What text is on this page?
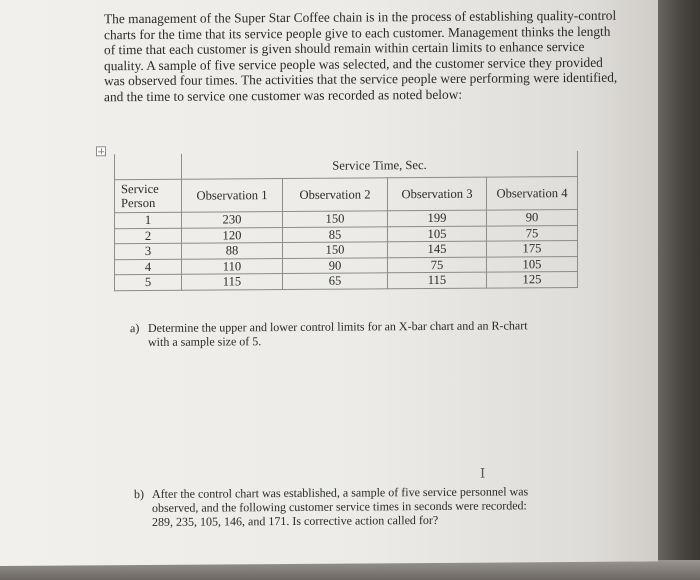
The management of the Super Star Coffee chain is in the process of establishing quality-control charts for the time that its service people give to each customer. Management thinks the length of time that each customer is given should remain within certain limits to enhance service quality. A sample of five service people was selected, and the customer service they provided was observed four times. The activities that the service people were performing were identified, and the time to service one customer was recorded as noted below:

	Service Time, Sec.			
Service
Person	Observation 1	Observation 2	Observation 3	Observation 4
1	230	150	199	90
2	120	85	105	75
3	88	150	145	175
4	110	90	75	105
5	115	65	115	125
a) Determine the upper and lower control limits for an X-bar chart and an R-chart
with a sample size of 5.
I
b) After the control chart was established, a sample of five service personnel was
observed, and the following customer service times in seconds were recorded:
289, 235, 105, 146, and 171. Is corrective action called for?
